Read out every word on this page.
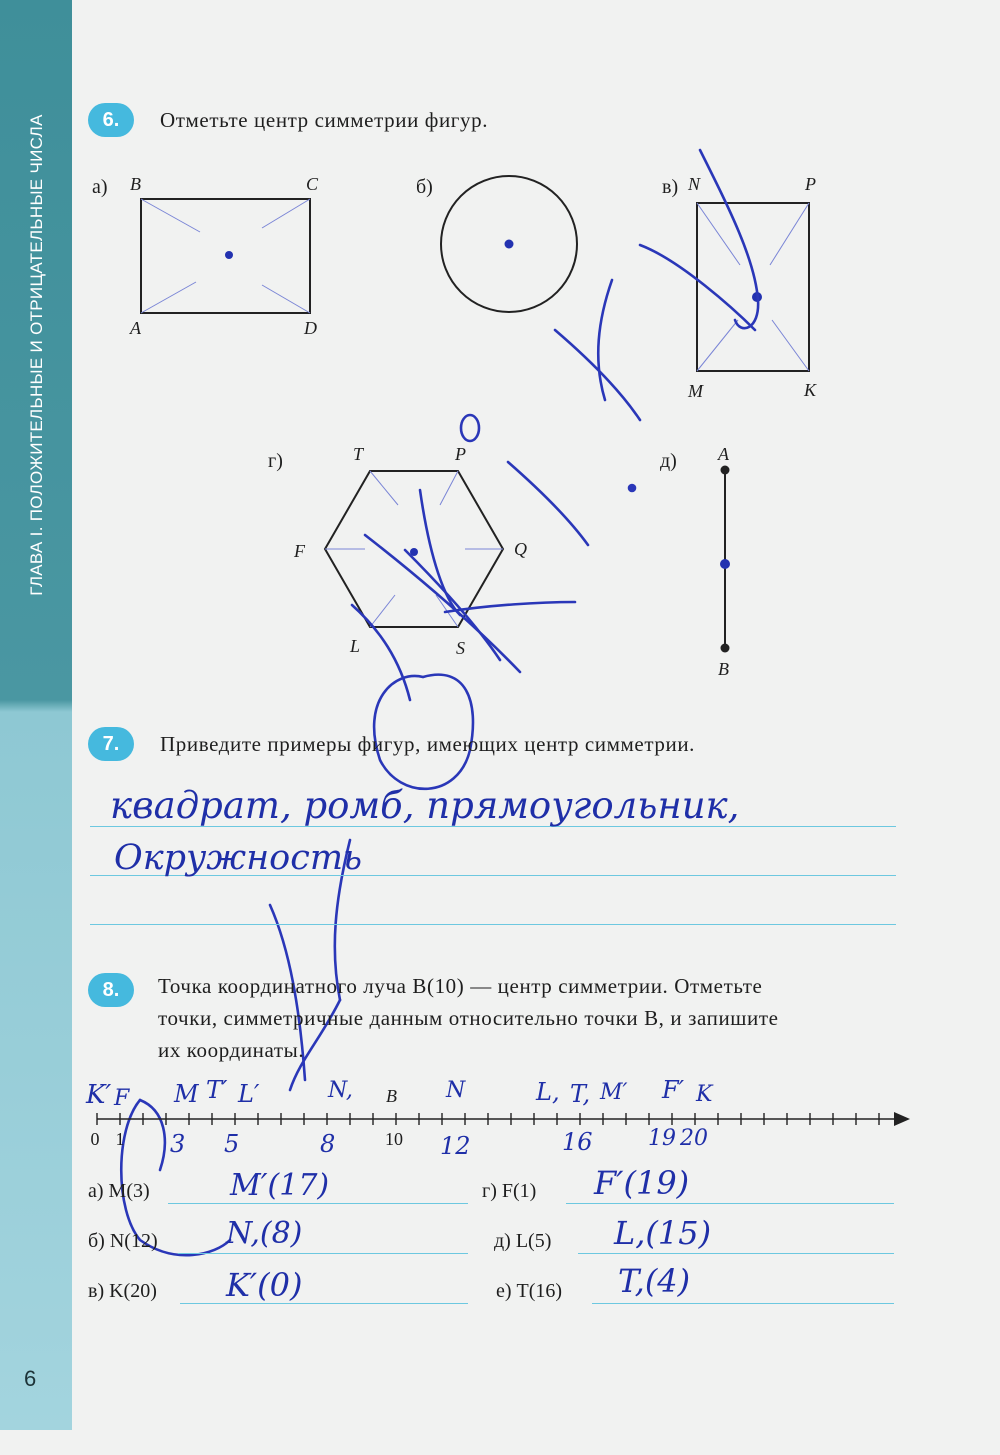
ГЛАВА I. ПОЛОЖИТЕЛЬНЫЕ И ОТРИЦАТЕЛЬНЫЕ ЧИСЛА
6
6.	Отметьте центр симметрии фигур.
а) B	C
A	D
б)	в) N	P
M	K
г)	T	P
F	Q
L	S
д) A
B
7.	Приведите примеры фигур, имеющих центр симметрии.
квадрат, ромб, прямоугольник,
Окружность
8.	Точка координатного луча B(10) — центр симметрии. Отметьте
точки, симметричные данным относительно точки B, и запишите
их координаты.
0 1	10
B
K′ F M T′ L′	N,	N	L, T, M′ F′ K
3 5	8	12	16	19 20
а) M(3)	M′(17)	г) F(1) F′(19)
б) N(12) N,(8)	д) L(5) L,(15)
в) K(20) K′(0)	е) T(16) T,(4)
